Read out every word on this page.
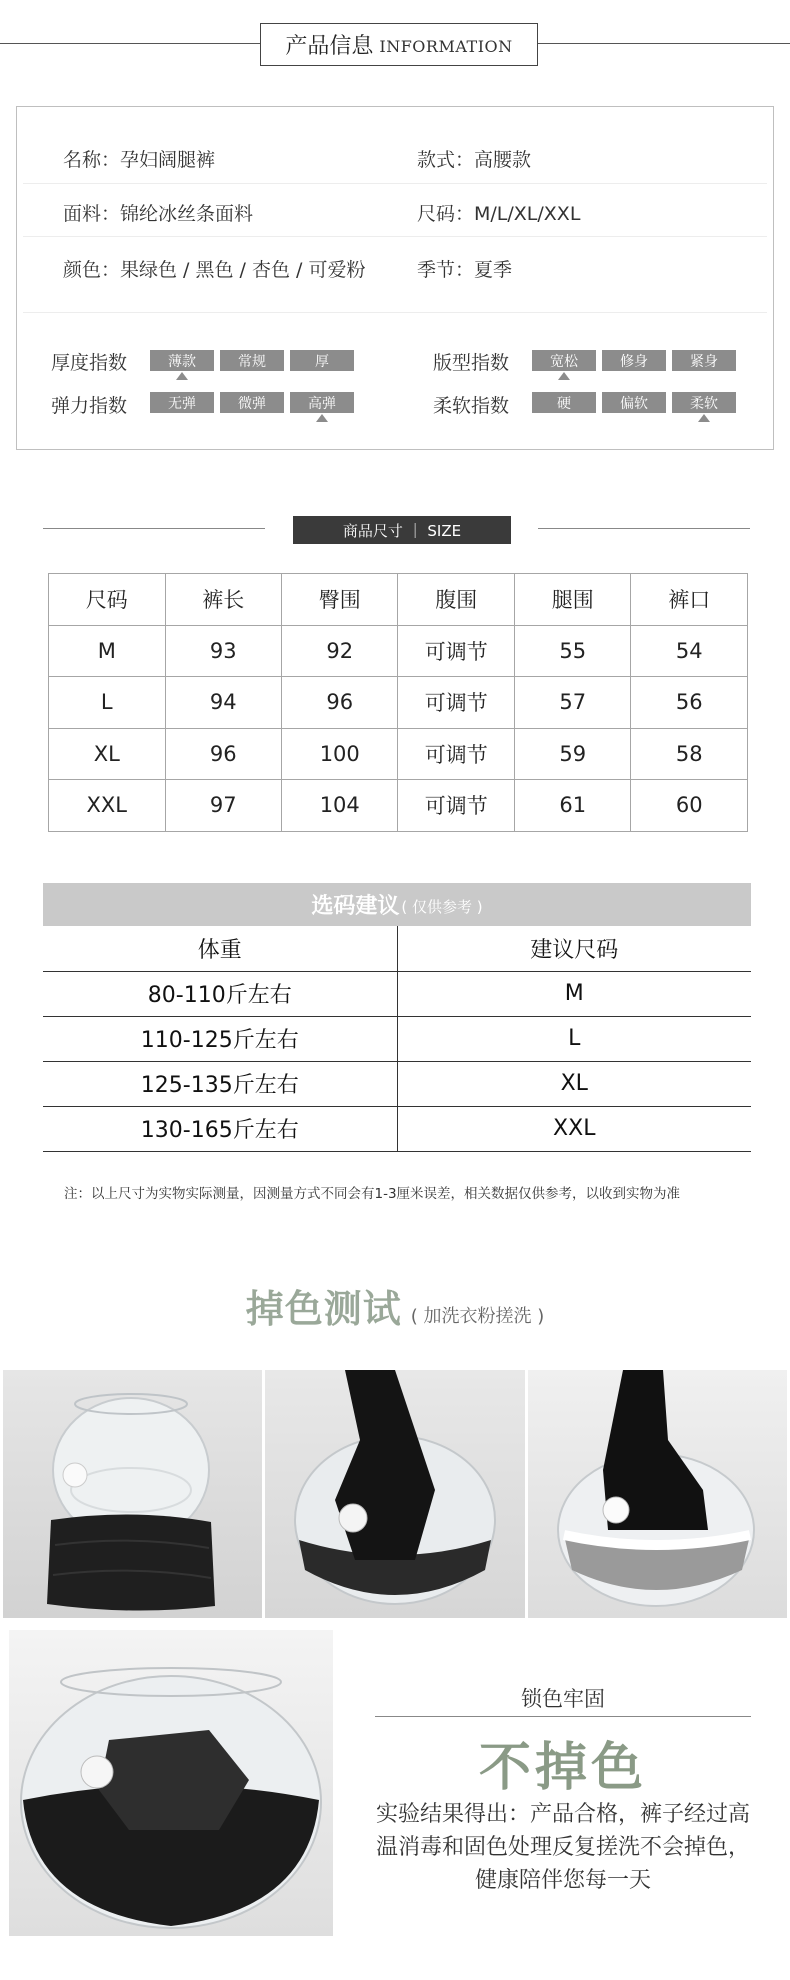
产品信息 INFORMATION
名称：孕妇阔腿裤	款式：高腰款
面料：锦纶冰丝条面料	尺码：M/L/XL/XXL
颜色：果绿色 / 黑色 / 杏色 / 可爱粉	季节：夏季
厚度指数	薄款	常规	厚
弹力指数	无弹	微弹	高弹
版型指数	宽松	修身	紧身
柔软指数	硬	偏软	柔软
商品尺寸 ｜ SIZE
尺码	裤长	臀围	腹围	腿围	裤口
M	93	92	可调节	55	54
L	94	96	可调节	57	56
XL	96	100	可调节	59	58
XXL	97	104	可调节	61	60
选码建议 ( 仅供参考 )
体重	建议尺码
80-110斤左右	M
110-125斤左右	L
125-135斤左右	XL
130-165斤左右	XXL
注：以上尺寸为实物实际测量，因测量方式不同会有1-3厘米误差，相关数据仅供参考，以收到实物为准
掉色测试 ( 加洗衣粉搓洗 )
锁色牢固
不掉色
实验结果得出：产品合格，裤子经过高温消毒和固色处理反复搓洗不会掉色，健康陪伴您每一天
